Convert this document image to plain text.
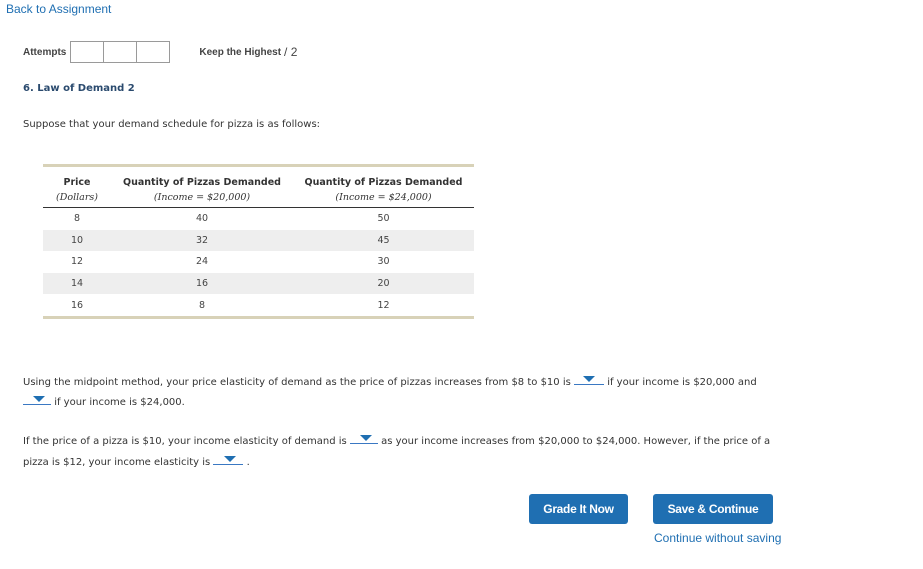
Back to Assignment
Attempts	Keep the Highest / 2
6. Law of Demand 2
Suppose that your demand schedule for pizza is as follows:
Price	Quantity of Pizzas Demanded	Quantity of Pizzas Demanded
(Dollars)	(Income = $20,000)	(Income = $24,000)
8	40	50
10	32	45
12	24	30
14	16	20
16	8	12
Using the midpoint method, your price elasticity of demand as the price of pizzas increases from $8 to $10 is	if your income is $20,000 and
if your income is $24,000.
If the price of a pizza is $10, your income elasticity of demand is	as your income increases from $20,000 to $24,000. However, if the price of a
pizza is $12, your income elasticity is	.
Grade It Now	Save & Continue
Continue without saving
